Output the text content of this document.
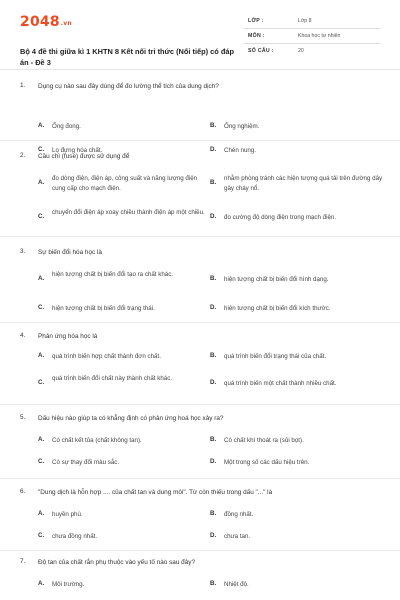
2048.vn
Bộ 4 đề thi giữa kì 1 KHTN 8 Kết nối tri thức (Nối tiếp) có đáp án - Đề 3
LỚP :	Lớp 8
MÔN :	Khoa học tự nhiên
SỐ CÂU :	20
1. Dụng cụ nào sau đây dùng để đo lường thể tích của dung dịch?
A. Ống đong.	B. Ống nghiệm.
C. Lọ đựng hóa chất.	D. Chén nung.
2. Cầu chì (fuse) được sử dụng để
A.
đo dòng điện, điện áp, công suất và năng lượng điện cung cấp cho mạch điện.
B.
nhằm phòng tránh các hiện tượng quá tải trên đường dây gây cháy nổ.
C.
chuyển đổi điện áp xoay chiều thành điện áp một chiều.
D. đo cường độ dòng điện trong mạch điện.
3. Sự biến đổi hóa học là
A.
hiện tượng chất bị biến đổi tạo ra chất khác.
B. hiện tượng chất bị biến đổi hình dạng.
C. hiện tượng chất bị biến đổi trạng thái.	D. hiện tượng chất bị biến đổi kích thước.
4. Phản ứng hóa học là
A. quá trình biến hợp chất thành đơn chất.	B. quá trình biến đổi trạng thái của chất.
C.
quá trình biến đổi chất này thành chất khác.
D. quá trình biến một chất thành nhiều chất.
5. Dấu hiệu nào giúp ta có khẳng định có phản ứng hoá học xảy ra?
A. Có chất kết tủa (chất không tan).	B. Có chất khí thoát ra (sủi bọt).
C. Có sự thay đổi màu sắc.	D. Một trong số các dấu hiệu trên.
6. "Dung dịch là hỗn hợp .... của chất tan và dung môi". Từ còn thiếu trong dấu "..." là
A. huyền phù.	B. đồng nhất.
C. chưa đồng nhất.	D. chưa tan.
7. Độ tan của chất rắn phụ thuộc vào yếu tố nào sau đây?
A. Môi trường.	B. Nhiệt độ.
